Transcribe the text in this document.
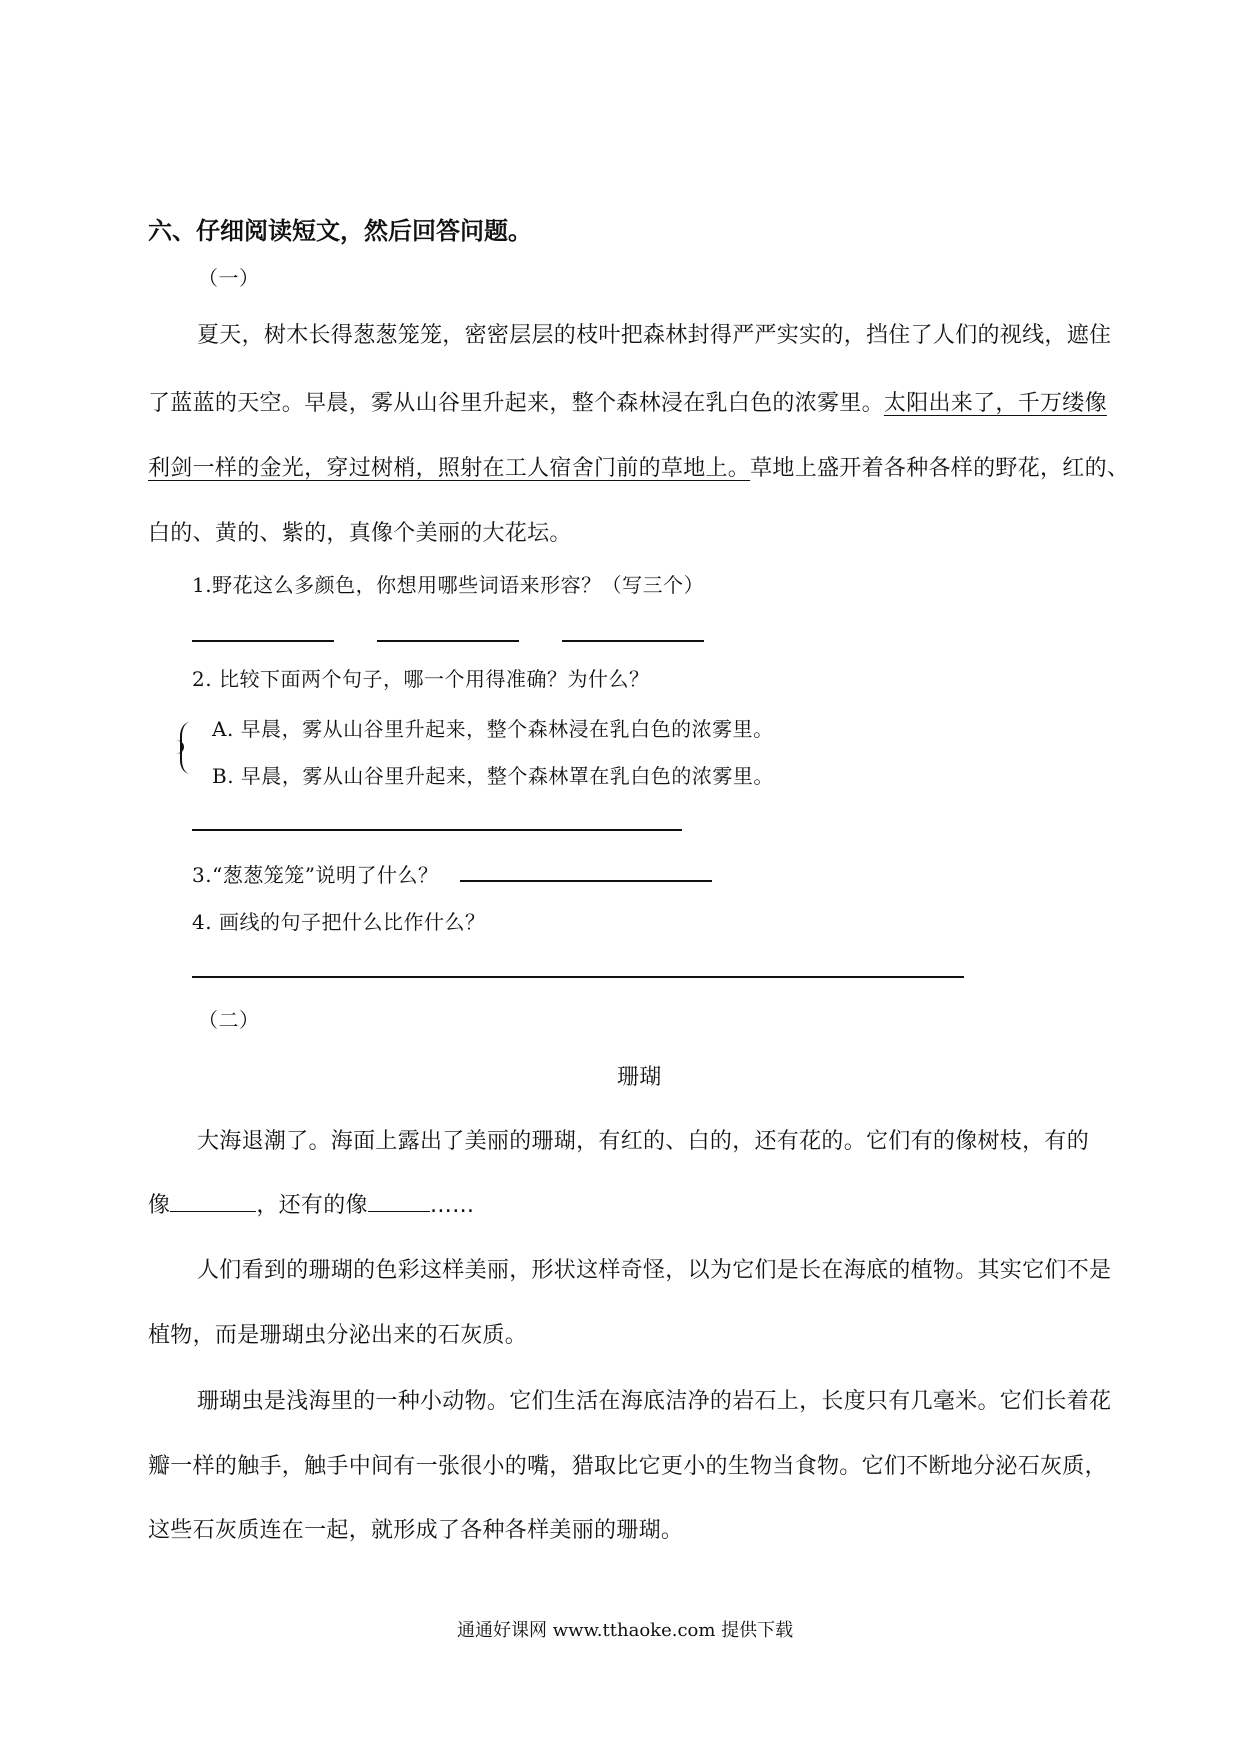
六、仔细阅读短文，然后回答问题。
（一）
夏天，树木长得葱葱笼笼，密密层层的枝叶把森林封得严严实实的，挡住了人们的视线，遮住
了蓝蓝的天空。早晨，雾从山谷里升起来，整个森林浸在乳白色的浓雾里。太阳出来了，千万缕像
利剑一样的金光，穿过树梢，照射在工人宿舍门前的草地上。草地上盛开着各种各样的野花，红的、
白的、黄的、紫的，真像个美丽的大花坛。
1.野花这么多颜色，你想用哪些词语来形容？（写三个）
2. 比较下面两个句子，哪一个用得准确？为什么？
A. 早晨，雾从山谷里升起来，整个森林浸在乳白色的浓雾里。
B. 早晨，雾从山谷里升起来，整个森林罩在乳白色的浓雾里。
3.“葱葱笼笼”说明了什么？
4. 画线的句子把什么比作什么？
（二）
珊瑚
大海退潮了。海面上露出了美丽的珊瑚，有红的、白的，还有花的。它们有的像树枝，有的
像	，还有的像	……
人们看到的珊瑚的色彩这样美丽，形状这样奇怪，以为它们是长在海底的植物。其实它们不是
植物，而是珊瑚虫分泌出来的石灰质。
珊瑚虫是浅海里的一种小动物。它们生活在海底洁净的岩石上，长度只有几毫米。它们长着花
瓣一样的触手，触手中间有一张很小的嘴，猎取比它更小的生物当食物。它们不断地分泌石灰质，
这些石灰质连在一起，就形成了各种各样美丽的珊瑚。
通通好课网 www.tthaoke.com 提供下载
